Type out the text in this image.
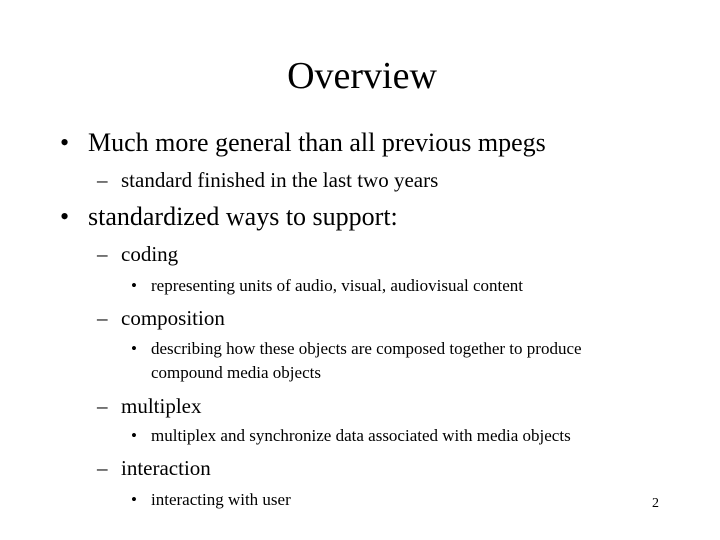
Overview
• Much more general than all previous mpegs
– standard finished in the last two years
• standardized ways to support:
– coding
• representing units of audio, visual, audiovisual content
– composition
• describing how these objects are composed together to produce
compound media objects
– multiplex
• multiplex and synchronize data associated with media objects
– interaction
• interacting with user	2
